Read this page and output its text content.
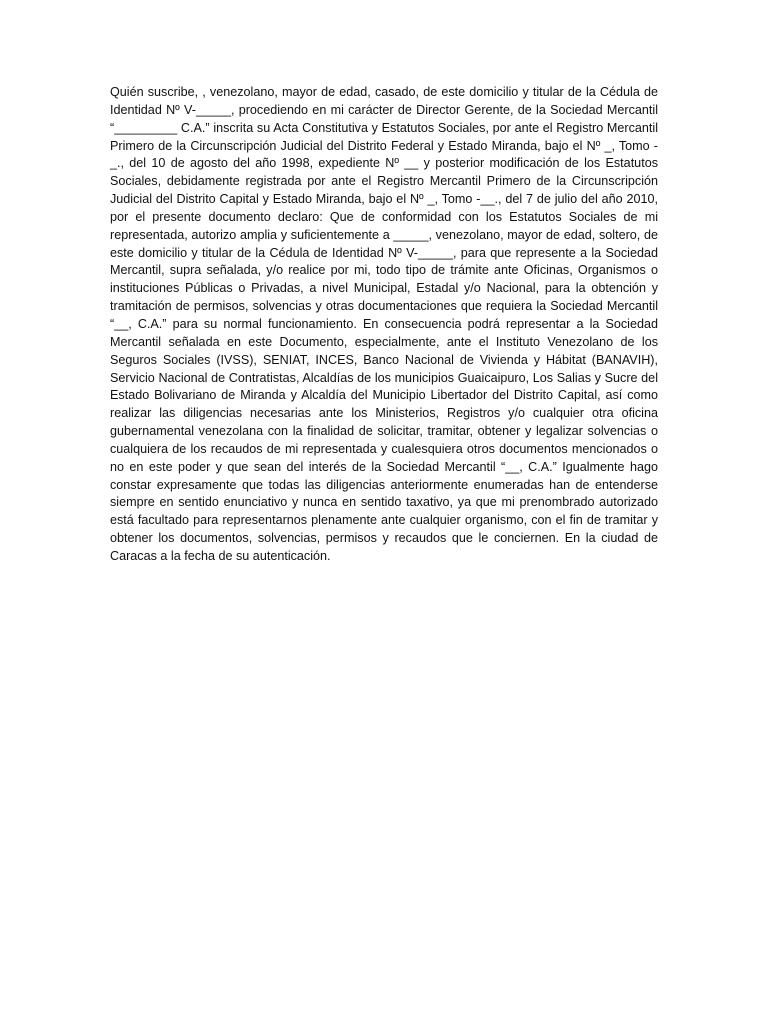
Quién suscribe, , venezolano, mayor de edad, casado, de este domicilio y titular de la Cédula de Identidad Nº V-_____, procediendo en mi carácter de Director Gerente, de la Sociedad Mercantil “_________ C.A.” inscrita su Acta Constitutiva y Estatutos Sociales, por ante el Registro Mercantil Primero de la Circunscripción Judicial del Distrito Federal y Estado Miranda, bajo el Nº _, Tomo -_., del 10 de agosto del año 1998, expediente Nº __ y posterior modificación de los Estatutos Sociales, debidamente registrada por ante el Registro Mercantil Primero de la Circunscripción Judicial del Distrito Capital y Estado Miranda, bajo el Nº _, Tomo -__., del 7 de julio del año 2010, por el presente documento declaro: Que de conformidad con los Estatutos Sociales de mi representada, autorizo amplia y suficientemente a _____, venezolano, mayor de edad, soltero, de este domicilio y titular de la Cédula de Identidad Nº V-_____, para que represente a la Sociedad Mercantil, supra señalada, y/o realice por mi, todo tipo de trámite ante Oficinas, Organismos o instituciones Públicas o Privadas, a nivel Municipal, Estadal y/o Nacional, para la obtención y tramitación de permisos, solvencias y otras documentaciones que requiera la Sociedad Mercantil “__, C.A.” para su normal funcionamiento. En consecuencia podrá representar a la Sociedad Mercantil señalada en este Documento, especialmente, ante el Instituto Venezolano de los Seguros Sociales (IVSS), SENIAT, INCES, Banco Nacional de Vivienda y Hábitat (BANAVIH), Servicio Nacional de Contratistas, Alcaldías de los municipios Guaicaipuro, Los Salias y Sucre del Estado Bolivariano de Miranda y Alcaldía del Municipio Libertador del Distrito Capital, así como realizar las diligencias necesarias ante los Ministerios, Registros y/o cualquier otra oficina gubernamental venezolana con la finalidad de solicitar, tramitar, obtener y legalizar solvencias o cualquiera de los recaudos de mi representada y cualesquiera otros documentos mencionados o no en este poder y que sean del interés de la Sociedad Mercantil “__, C.A.” Igualmente hago constar expresamente que todas las diligencias anteriormente enumeradas han de entenderse siempre en sentido enunciativo y nunca en sentido taxativo, ya que mi prenombrado autorizado está facultado para representarnos plenamente ante cualquier organismo, con el fin de tramitar y obtener los documentos, solvencias, permisos y recaudos que le conciernen. En la ciudad de Caracas a la fecha de su autenticación.
